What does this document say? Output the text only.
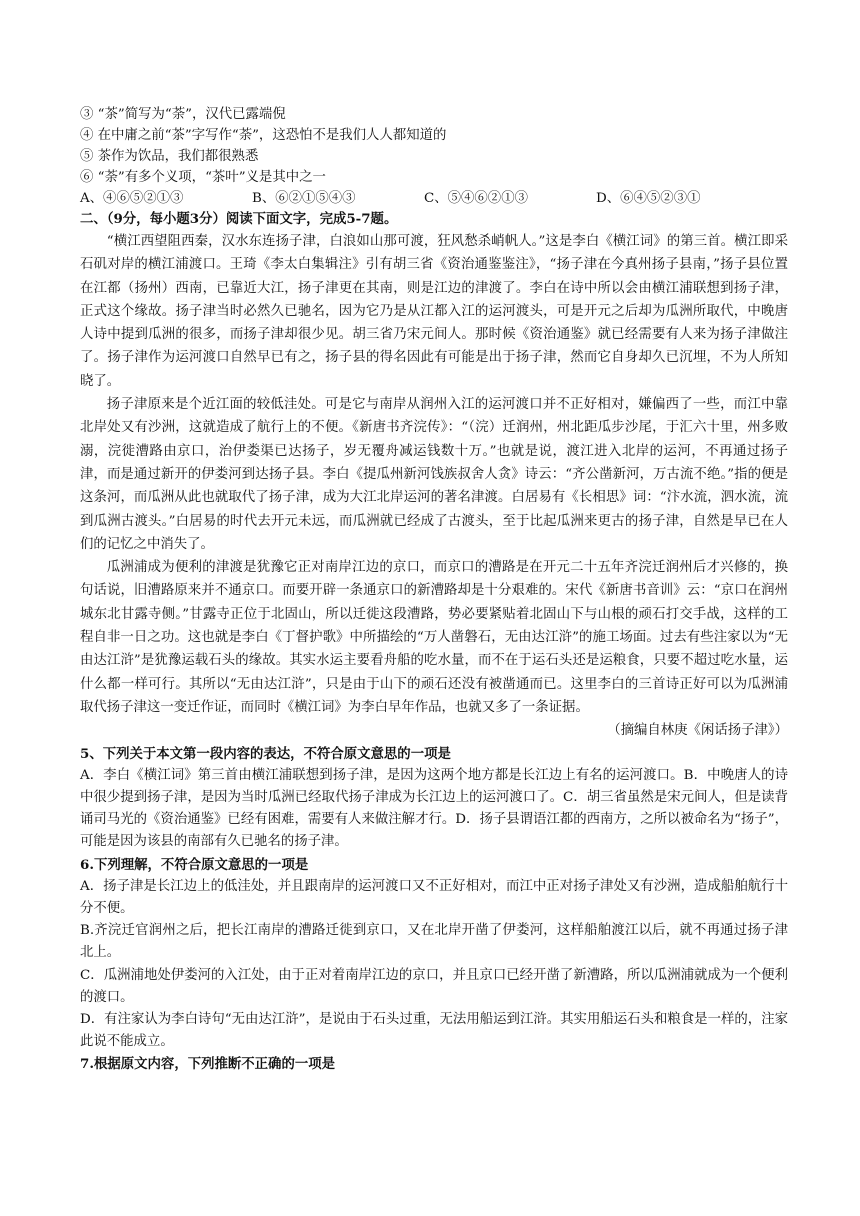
③ “茶”简写为“荼”，汉代已露端倪
④ 在中庸之前“茶”字写作“荼”，这恐怕不是我们人人都知道的
⑤ 茶作为饮品，我们都很熟悉
⑥ “荼”有多个义项，“茶叶”义是其中之一
A、④⑥⑤②①③	B、⑥②①⑤④③	C、⑤④⑥②①③	D、⑥④⑤②③①
二、（9分，每小题3分）阅读下面文字，完成5-7题。
“横江西望阻西秦，汉水东连扬子津，白浪如山那可渡，狂风愁杀峭帆人。”这是李白《横江词》的第三首。横江即采石矶对岸的横江浦渡口。王琦《李太白集辑注》引有胡三省《资治通鉴鉴注》，“扬子津在今真州扬子县南，”扬子县位置在江都（扬州）西南，已靠近大江，扬子津更在其南，则是江边的津渡了。李白在诗中所以会由横江浦联想到扬子津，正式这个缘故。扬子津当时必然久已驰名，因为它乃是从江都入江的运河渡头，可是开元之后却为瓜洲所取代，中晚唐人诗中提到瓜洲的很多，而扬子津却很少见。胡三省乃宋元间人。那时候《资治通鉴》就已经需要有人来为扬子津做注了。扬子津作为运河渡口自然早已有之，扬子县的得名因此有可能是出于扬子津，然而它自身却久已沉埋，不为人所知晓了。
扬子津原来是个近江面的较低洼处。可是它与南岸从润州入江的运河渡口并不正好相对，嫌偏西了一些，而江中靠北岸处又有沙洲，这就造成了航行上的不便。《新唐书齐浣传》：“（浣）迁润州，州北距瓜步沙尾，于汇六十里，州多败溺，浣徙漕路由京口，治伊娄渠已达扬子，岁无覆舟减运钱数十万。”也就是说，渡江进入北岸的运河，不再通过扬子津，而是通过新开的伊娄河到达扬子县。李白《提瓜州新河饯族叔舍人贪》诗云：“齐公凿新河，万古流不绝。”指的便是这条河，而瓜洲从此也就取代了扬子津，成为大江北岸运河的著名津渡。白居易有《长相思》词：“汴水流，泗水流，流到瓜洲古渡头。”白居易的时代去开元未远，而瓜洲就已经成了古渡头，至于比起瓜洲来更古的扬子津，自然是早已在人们的记忆之中消失了。
瓜洲浦成为便利的津渡是犹豫它正对南岸江边的京口，而京口的漕路是在开元二十五年齐浣迁润州后才兴修的，换句话说，旧漕路原来并不通京口。而要开辟一条通京口的新漕路却是十分艰难的。宋代《新唐书音训》云：“京口在润州城东北甘露寺侧。”甘露寺正位于北固山，所以迁徙这段漕路，势必要紧贴着北固山下与山根的顽石打交手战，这样的工程自非一日之功。这也就是李白《丁督护歌》中所描绘的“万人凿磐石，无由达江浒”的施工场面。过去有些注家以为“无由达江浒”是犹豫运载石头的缘故。其实水运主要看舟船的吃水量，而不在于运石头还是运粮食，只要不超过吃水量，运什么都一样可行。其所以“无由达江浒”，只是由于山下的顽石还没有被凿通而已。这里李白的三首诗正好可以为瓜洲浦取代扬子津这一变迁作证，而同时《横江词》为李白早年作品，也就又多了一条证据。
（摘编自林庚《闲话扬子津》）
5、下列关于本文第一段内容的表达，不符合原文意思的一项是
A．李白《横江词》第三首由横江浦联想到扬子津，是因为这两个地方都是长江边上有名的运河渡口。B．中晚唐人的诗中很少提到扬子津，是因为当时瓜洲已经取代扬子津成为长江边上的运河渡口了。C．胡三省虽然是宋元间人，但是读背诵司马光的《资治通鉴》已经有困难，需要有人来做注解才行。D．扬子县谓语江都的西南方，之所以被命名为“扬子”，可能是因为该县的南部有久已驰名的扬子津。
6.下列理解，不符合原文意思的一项是
A．扬子津是长江边上的低洼处，并且跟南岸的运河渡口又不正好相对，而江中正对扬子津处又有沙洲，造成船舶航行十分不便。
B.齐浣迁官润州之后，把长江南岸的漕路迁徙到京口，又在北岸开凿了伊娄河，这样船舶渡江以后，就不再通过扬子津北上。
C．瓜洲浦地处伊娄河的入江处，由于正对着南岸江边的京口，并且京口已经开凿了新漕路，所以瓜洲浦就成为一个便利的渡口。
D．有注家认为李白诗句“无由达江浒”，是说由于石头过重，无法用船运到江浒。其实用船运石头和粮食是一样的，注家此说不能成立。
7.根据原文内容，下列推断不正确的一项是
